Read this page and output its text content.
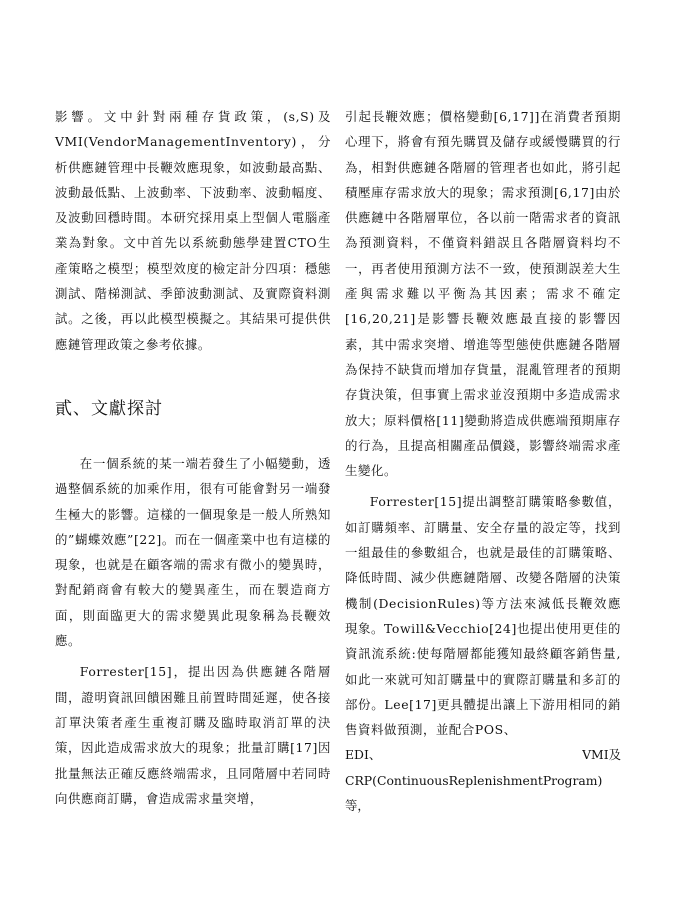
影響。文中針對兩種存貨政策，(s,S)及VMI(VendorManagementInventory)，分析供應鏈管理中長鞭效應現象，如波動最高點、波動最低點、上波動率、下波動率、波動幅度、及波動回穩時間。本研究採用桌上型個人電腦產業為對象。文中首先以系統動態學建置CTO生產策略之模型；模型效度的檢定計分四項：穩態測試、階梯測試、季節波動測試、及實際資料測試。之後，再以此模型模擬之。其結果可提供供應鏈管理政策之參考依據。

貳、文獻探討

在一個系統的某一端若發生了小幅變動，透過整個系統的加乘作用，很有可能會對另一端發生極大的影響。這樣的一個現象是一般人所熟知的”蝴蝶效應”[22]。而在一個產業中也有這樣的現象，也就是在顧客端的需求有微小的變異時，對配銷商會有較大的變異產生，而在製造商方面，則面臨更大的需求變異此現象稱為長鞭效應。

Forrester[15]，提出因為供應鏈各階層間，證明資訊回饋困難且前置時間延遲，使各接訂單決策者產生重複訂購及臨時取消訂單的決策，因此造成需求放大的現象；批量訂購[17]因批量無法正確反應終端需求，且同階層中若同時向供應商訂購，會造成需求量突增，

引起長鞭效應；價格變動[6,17]]在消費者預期心理下，將會有預先購買及儲存或緩慢購買的行為，相對供應鏈各階層的管理者也如此，將引起積壓庫存需求放大的現象；需求預測[6,17]由於供應鏈中各階層單位，各以前一階需求者的資訊為預測資料，不僅資料錯誤且各階層資料均不一，再者使用預測方法不一致，使預測誤差大生產與需求難以平衡為其因素；需求不確定[16,20,21]是影響長鞭效應最直接的影響因素，其中需求突增、增進等型態使供應鏈各階層為保持不缺貨而增加存貨量，混亂管理者的預期存貨決策，但事實上需求並沒預期中多造成需求放大；原料價格[11]變動將造成供應端預期庫存的行為，且提高相關產品價錢，影響終端需求產生變化。

Forrester[15]提出調整訂購策略參數值，如訂購頻率、訂購量、安全存量的設定等，找到一組最佳的參數組合，也就是最佳的訂購策略、降低時間、減少供應鏈階層、改變各階層的決策機制(DecisionRules)等方法來減低長鞭效應現象。Towill&Vecchio[24]也提出使用更佳的資訊流系統:使每階層都能獲知最終顧客銷售量,如此一來就可知訂購量中的實際訂購量和多訂的部份。Lee[17]更具體提出讓上下游用相同的銷售資料做預測，並配合POS、

EDI、	VMI及

CRP(ContinuousReplenishmentProgram)等，
